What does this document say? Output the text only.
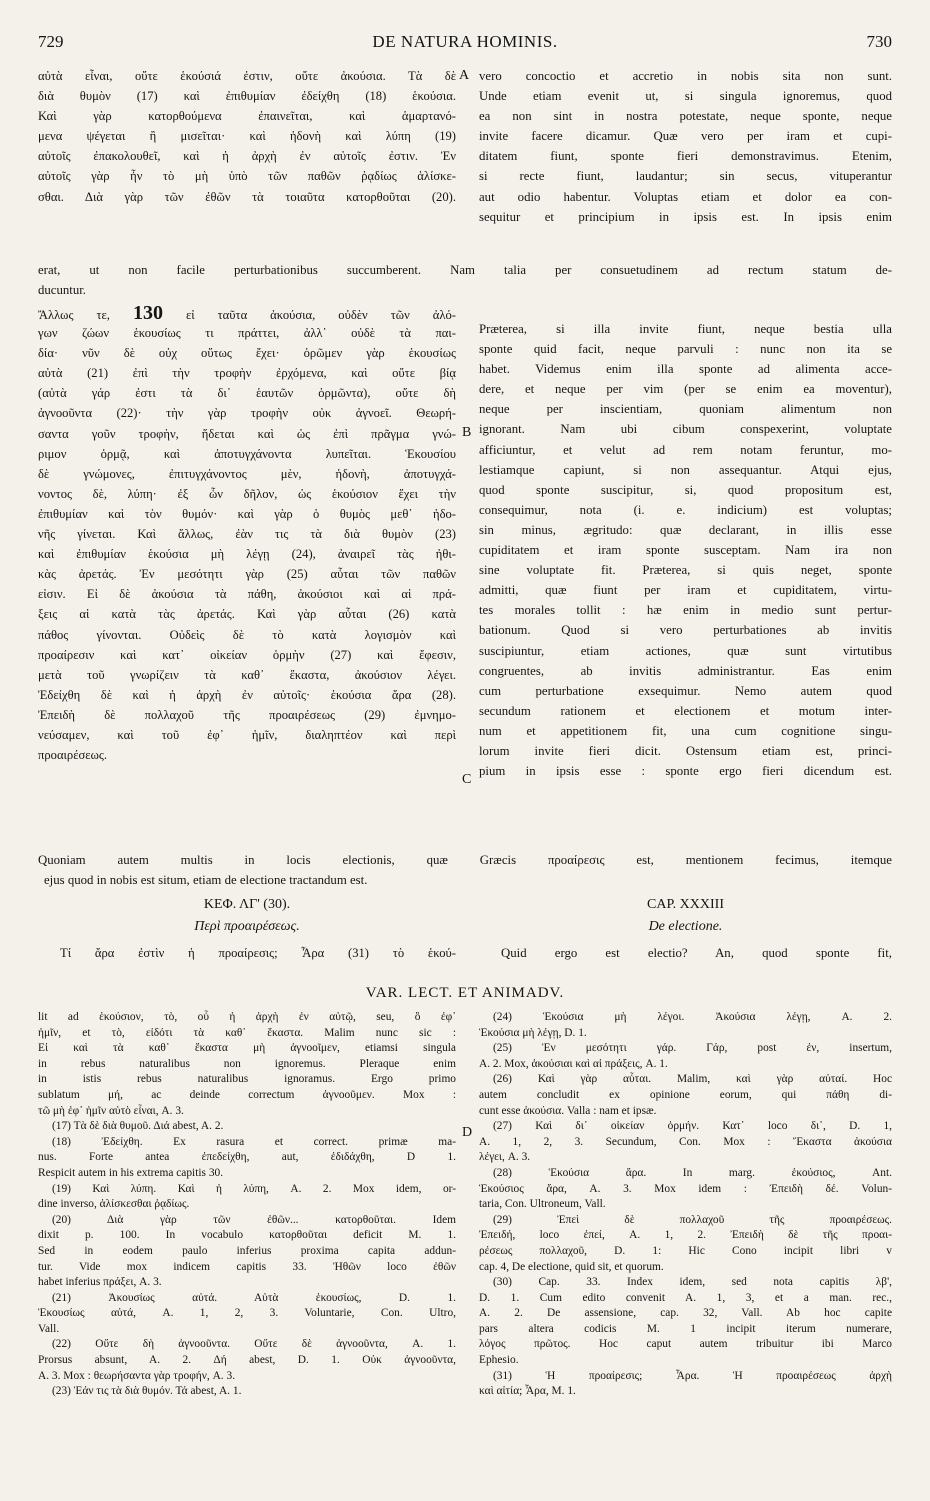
729	DE NATURA HOMINIS.	730
αὐτὰ εἶναι, οὔτε ἑκούσιά ἐστιν, οὔτε ἀκούσια. Τὰ δὲ
διὰ θυμὸν (17) καὶ ἐπιθυμίαν ἐδείχθη (18) ἑκούσια.
Καὶ γὰρ κατορθούμενα ἐπαινεῖται, καὶ ἁμαρτανό-
μενα ψέγεται ἢ μισεῖται· καὶ ἡδονὴ καὶ λύπη (19)
αὐτοῖς ἐπακολουθεῖ, καὶ ἡ ἀρχὴ ἐν αὐτοῖς ἐστιν. Ἐν
αὐτοῖς γὰρ ἦν τὸ μὴ ὑπὸ τῶν παθῶν ῥᾳδίως ἁλίσκε-
σθαι. Διὰ γὰρ τῶν ἐθῶν τὰ τοιαῦτα κατορθοῦται (20).
vero concoctio et accretio in nobis sita non sunt.
Unde etiam evenit ut, si singula ignoremus, quod
ea non sint in nostra potestate, neque sponte, neque
invite facere dicamur. Quæ vero per iram et cupi-
ditatem fiunt, sponte fieri demonstravimus. Etenim,
si recte fiunt, laudantur; sin secus, vituperantur
aut odio habentur. Voluptas etiam et dolor ea con-
sequitur et principium in ipsis est. In ipsis enim
erat, ut non facile perturbationibus succumberent. Nam talia per consuetudinem ad rectum statum de-
ducuntur.
Ἄλλως τε, 130 εἰ ταῦτα ἀκούσια, οὐδὲν τῶν ἀλό-
γων ζώων ἑκουσίως τι πράττει, ἀλλ᾽ οὐδὲ τὰ παι-
δία· νῦν δὲ οὐχ οὕτως ἔχει· ὁρῶμεν γὰρ ἑκουσίως
αὐτὰ (21) ἐπὶ τὴν τροφὴν ἐρχόμενα, καὶ οὔτε βίᾳ
(αὐτὰ γάρ ἐστι τὰ δι᾽ ἑαυτῶν ὁρμῶντα), οὔτε δὴ
ἀγνοοῦντα (22)· τὴν γὰρ τροφὴν οὐκ ἀγνοεῖ. Θεωρή-
σαντα γοῦν τροφὴν, ἥδεται καὶ ὡς ἐπὶ πρᾶγμα γνώ-
ριμον ὁρμᾷ, καὶ ἀποτυγχάνοντα λυπεῖται. Ἑκουσίου
δὲ γνώμονες, ἐπιτυγχάνοντος μὲν, ἡδονὴ, ἀποτυγχά-
νοντος δὲ, λύπη· ἐξ ὧν δῆλον, ὡς ἑκούσιον ἔχει τὴν
ἐπιθυμίαν καὶ τὸν θυμόν· καὶ γὰρ ὁ θυμὸς μεθ᾽ ἡδο-
νῆς γίνεται. Καὶ ἄλλως, ἐὰν τις τὰ διὰ θυμὸν (23)
καὶ ἐπιθυμίαν ἑκούσια μὴ λέγῃ (24), ἀναιρεῖ τὰς ἠθι-
κὰς ἀρετάς. Ἐν μεσότητι γὰρ (25) αὗται τῶν παθῶν
εἰσιν. Εἰ δὲ ἀκούσια τὰ πάθη, ἀκούσιοι καὶ αἱ πρά-
ξεις αἱ κατὰ τὰς ἀρετάς. Καὶ γὰρ αὗται (26) κατὰ
πάθος γίνονται. Οὐδεὶς δὲ τὸ κατὰ λογισμὸν καὶ
προαίρεσιν καὶ κατ᾽ οἰκείαν ὁρμὴν (27) καὶ ἔφεσιν,
μετὰ τοῦ γνωρίζειν τὰ καθ᾽ ἕκαστα, ἀκούσιον λέγει.
Ἐδείχθη δὲ καὶ ἡ ἀρχὴ ἐν αὐτοῖς· ἑκούσια ἄρα (28).
Ἐπειδὴ δὲ πολλαχοῦ τῆς προαιρέσεως (29) ἐμνημο-
νεύσαμεν, καὶ τοῦ ἐφ᾽ ἡμῖν, διαληπτέον καὶ περὶ
προαιρέσεως.
Præterea, si illa invite fiunt, neque bestia ulla
sponte quid facit, neque parvuli : nunc non ita se
habet. Videmus enim illa sponte ad alimenta acce-
dere, et neque per vim (per se enim ea moventur),
neque per inscientiam, quoniam alimentum non
ignorant. Nam ubi cibum conspexerint, voluptate
afficiuntur, et velut ad rem notam feruntur, mo-
lestiamque capiunt, si non assequantur. Atqui ejus,
quod sponte suscipitur, si, quod propositum est,
consequimur, nota (i. e. indicium) est voluptas;
sin minus, ægritudo: quæ declarant, in illis esse
cupiditatem et iram sponte susceptam. Nam ira non
sine voluptate fit. Præterea, si quis neget, sponte
admitti, quæ fiunt per iram et cupiditatem, virtu-
tes morales tollit : hæ enim in medio sunt pertur-
bationum. Quod si vero perturbationes ab invitis
suscipiuntur, etiam actiones, quæ sunt virtutibus
congruentes, ab invitis administrantur. Eas enim
cum perturbatione exsequimur. Nemo autem quod
secundum rationem et electionem et motum inter-
num et appetitionem fit, una cum cognitione singu-
lorum invite fieri dicit. Ostensum etiam est, princi-
pium in ipsis esse : sponte ergo fieri dicendum est.
A
B
C
D
Quoniam autem multis in locis electionis, quæ Græcis προαίρεσις est, mentionem fecimus, itemque
ejus quod in nobis est situm, etiam de electione tractandum est.
ΚΕΦ. ΛΓ' (30).
Περὶ προαιρέσεως.
CAP. XXXIII
De electione.
Τί ἄρα ἐστὶν ἡ προαίρεσις; Ἆρα (31) τὸ ἑκού-	Quid ergo est electio? An, quod sponte fit,
VAR. LECT. ET ANIMADV.
lit ad ἑκούσιον, τὸ, οὗ ἡ ἀρχὴ ἐν αὐτῷ, seu, ὃ ἐφ᾽
ἡμῖν, et τὸ, εἰδότι τὰ καθ᾽ ἕκαστα. Malim nunc sic :
Εἰ καὶ τὰ καθ᾽ ἕκαστα μὴ ἀγνοοῖμεν, etiamsi singula
in rebus naturalibus non ignoremus. Pleraque enim
in istis rebus naturalibus ignoramus. Ergo primo
sublatum μή, ac deinde correctum ἀγνοοῦμεν. Mox :
τῶ μὴ ἐφ᾽ ἡμῖν αὐτὸ εἶναι, A. 3.
(17) Τὰ δὲ διὰ θυμοῦ. Διά abest, A. 2.
(18) Ἐδείχθη. Ex rasura et correct. primæ ma-
nus. Forte antea ἐπεδείχθη, aut, ἐδιδάχθη, D 1.
Respicit autem in his extrema capitis 30.
(19) Καὶ λύπη. Καὶ ἡ λύπη, A. 2. Mox idem, or-
dine inverso, ἁλίσκεσθαι ῥᾳδίως.
(20) Διὰ γὰρ τῶν ἐθῶν... κατορθοῦται. Idem
dixit p. 100. In vocabulo κατορθοῦται deficit M. 1.
Sed in eodem paulo inferius proxima capita addun-
tur. Vide mox indicem capitis 33. Ἠθῶν loco ἐθῶν
habet inferius πράξει, A. 3.
(21) Ἀκουσίως αὐτά. Αὐτὰ ἑκουσίως, D. 1.
Ἑκουσίως αὐτά, A. 1, 2, 3. Voluntarie, Con. Ultro,
Vall.
(22) Οὔτε δὴ ἀγνοοῦντα. Οὔτε δὲ ἀγνοοῦντα, A. 1.
Prorsus absunt, A. 2. Δή abest, D. 1. Οὐκ ἀγνοοῦντα,
A. 3. Mox : θεωρήσαντα γὰρ τροφήν, A. 3.
(23) Ἐάν τις τὰ διὰ θυμόν. Τά abest, A. 1.
(24) Ἑκούσια μὴ λέγοι. Ἀκούσια λέγῃ, A. 2.
Ἑκούσια μὴ λέγῃ, D. 1.
(25) Ἐν μεσότητι γάρ. Γάρ, post ἐν, insertum,
A. 2. Mox, ἀκούσιαι καὶ αἱ πράξεις, A. 1.
(26) Καὶ γὰρ αὗται. Malim, καὶ γὰρ αὐταί. Hoc
autem concludit ex opinione eorum, qui πάθη di-
cunt esse ἀκούσια. Valla : nam et ipsæ.
(27) Καὶ δι᾽ οἰκείαν ὁρμήν. Κατ᾽ loco δι᾽, D. 1,
A. 1, 2, 3. Secundum, Con. Mox : Ἕκαστα ἀκούσια
λέγει, A. 3.
(28) Ἑκούσια ἄρα. In marg. ἑκούσιος, Ant.
Ἑκούσιος ἄρα, A. 3. Mox idem : Ἐπειδὴ δέ. Volun-
taria, Con. Ultroneum, Vall.
(29) Ἐπεὶ δὲ πολλαχοῦ τῆς προαιρέσεως.
Ἐπειδή, loco ἐπεί, A. 1, 2. Ἐπειδὴ δὲ τῆς προαι-
ρέσεως πολλαχοῦ, D. 1: Hic Cono incipit libri v
cap. 4, De electione, quid sit, et quorum.
(30) Cap. 33. Index idem, sed nota capitis λβ',
D. 1. Cum edito convenit A. 1, 3, et a man. rec.,
A. 2. De assensione, cap. 32, Vall. Ab hoc capite
pars altera codicis M. 1 incipit iterum numerare,
λόγος πρῶτος. Hoc caput autem tribuitur ibi Marco
Ephesio.
(31) Ἡ προαίρεσις; Ἆρα. Ἡ προαιρέσεως ἀρχὴ
καὶ αἰτία; Ἆρα, M. 1.
